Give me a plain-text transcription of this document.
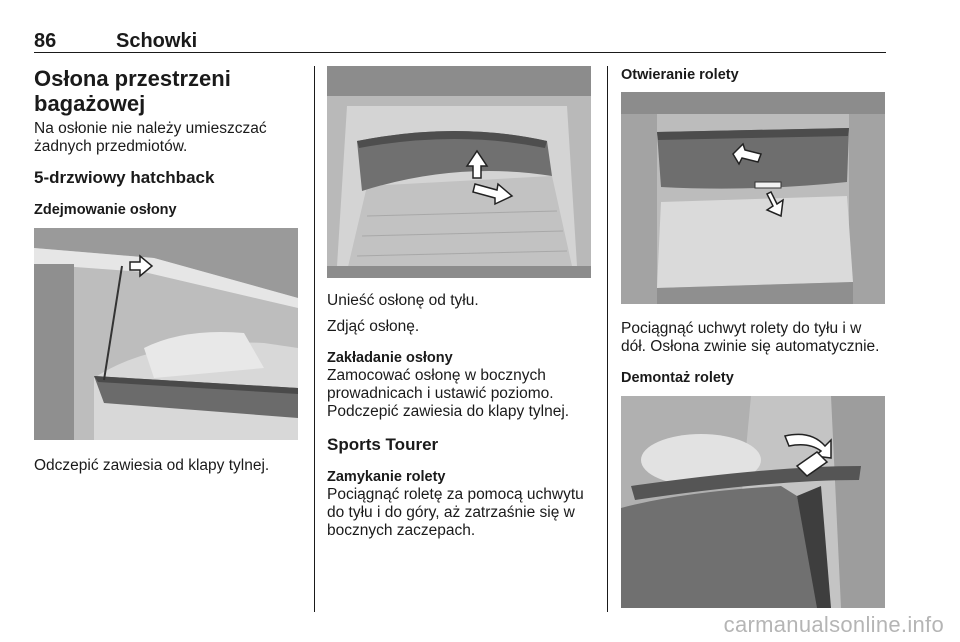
86	Schowki

Osłona przestrzeni

bagażowej

Na osłonie nie należy umieszczać

żadnych przedmiotów.

5-drzwiowy hatchback

Zdejmowanie osłony

Odczepić zawiesia od klapy tylnej.

Unieść osłonę od tyłu.

Zdjąć osłonę.

Zakładanie osłony

Zamocować osłonę w bocznych

prowadnicach i ustawić poziomo.

Podczepić zawiesia do klapy tylnej.

Sports Tourer

Zamykanie rolety

Pociągnąć roletę za pomocą uchwytu

do tyłu i do góry, aż zatrzaśnie się w

bocznych zaczepach.

Otwieranie rolety

Pociągnąć uchwyt rolety do tyłu i w

dół. Osłona zwinie się automatycznie.

Demontaż rolety

carmanualsonline.info
